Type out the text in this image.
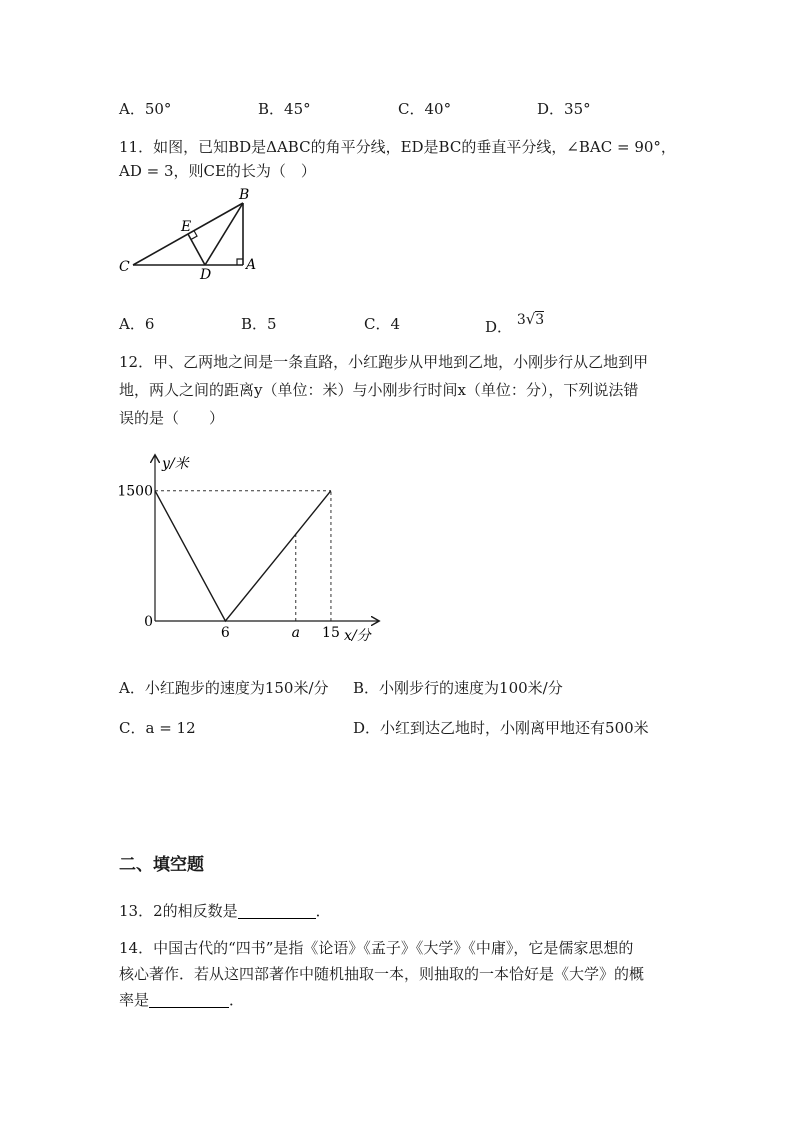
A．50°	B．45°	C．40°	D．35°
11．如图，已知BD是ΔABC的角平分线，ED是BC的垂直平分线，∠BAC = 90°，
AD = 3，则CE的长为（　）
B
E
C	D
A
A．6	B．5	C．4	D． 3√3
12．甲、乙两地之间是一条直路，小红跑步从甲地到乙地，小刚步行从乙地到甲
地，两人之间的距离y（单位：米）与小刚步行时间x（单位：分），下列说法错
误的是（　　）
6	a 15
0
1500
y/米
x/分
A．小红跑步的速度为150米/分 B．小刚步行的速度为100米/分
C．a = 12	D．小红到达乙地时，小刚离甲地还有500米
二、填空题
13．2的相反数是	．
14．中国古代的“四书”是指《论语》《孟子》《大学》《中庸》，它是儒家思想的
核心著作．若从这四部著作中随机抽取一本，则抽取的一本恰好是《大学》的概
率是	．
